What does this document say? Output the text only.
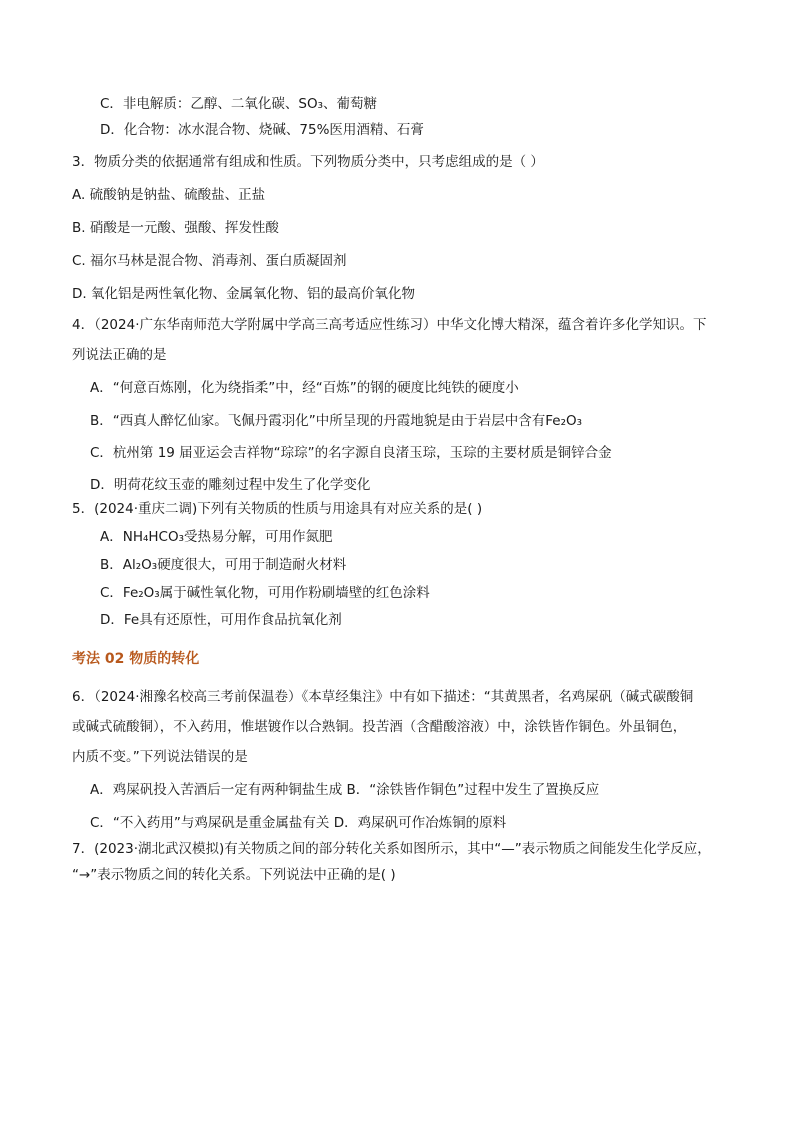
C．非电解质：乙醇、二氧化碳、SO₃、葡萄糖
D．化合物：冰水混合物、烧碱、75%医用酒精、石膏
3．物质分类的依据通常有组成和性质。下列物质分类中，只考虑组成的是（ ）
A. 硫酸钠是钠盐、硫酸盐、正盐
B. 硝酸是一元酸、强酸、挥发性酸
C. 福尔马林是混合物、消毒剂、蛋白质凝固剂
D. 氧化铝是两性氧化物、金属氧化物、铝的最高价氧化物
4．（2024·广东华南师范大学附属中学高三高考适应性练习）中华文化博大精深，蕴含着许多化学知识。下
列说法正确的是
A．“何意百炼刚，化为绕指柔”中，经“百炼”的钢的硬度比纯铁的硬度小
B．“西真人醉忆仙家。飞佩丹霞羽化”中所呈现的丹霞地貌是由于岩层中含有Fe₂O₃
C．杭州第 19 届亚运会吉祥物“琮琮”的名字源自良渚玉琮，玉琮的主要材质是铜锌合金
D．明荷花纹玉壶的雕刻过程中发生了化学变化
5．(2024·重庆二调)下列有关物质的性质与用途具有对应关系的是( )
A．NH₄HCO₃受热易分解，可用作氮肥
B．Al₂O₃硬度很大，可用于制造耐火材料
C．Fe₂O₃属于碱性氧化物，可用作粉刷墙壁的红色涂料
D．Fe具有还原性，可用作食品抗氧化剂
考法 02 物质的转化
6．（2024·湘豫名校高三考前保温卷）《本草经集注》中有如下描述：“其黄黑者，名鸡屎矾（碱式碳酸铜
或碱式硫酸铜），不入药用，惟堪镀作以合熟铜。投苦酒（含醋酸溶液）中，涂铁皆作铜色。外虽铜色，
内质不变。”下列说法错误的是
A．鸡屎矾投入苦酒后一定有两种铜盐生成 B．“涂铁皆作铜色”过程中发生了置换反应
C．“不入药用”与鸡屎矾是重金属盐有关 D．鸡屎矾可作冶炼铜的原料
7．(2023·湖北武汉模拟)有关物质之间的部分转化关系如图所示，其中“—”表示物质之间能发生化学反应，
“→”表示物质之间的转化关系。下列说法中正确的是( )
